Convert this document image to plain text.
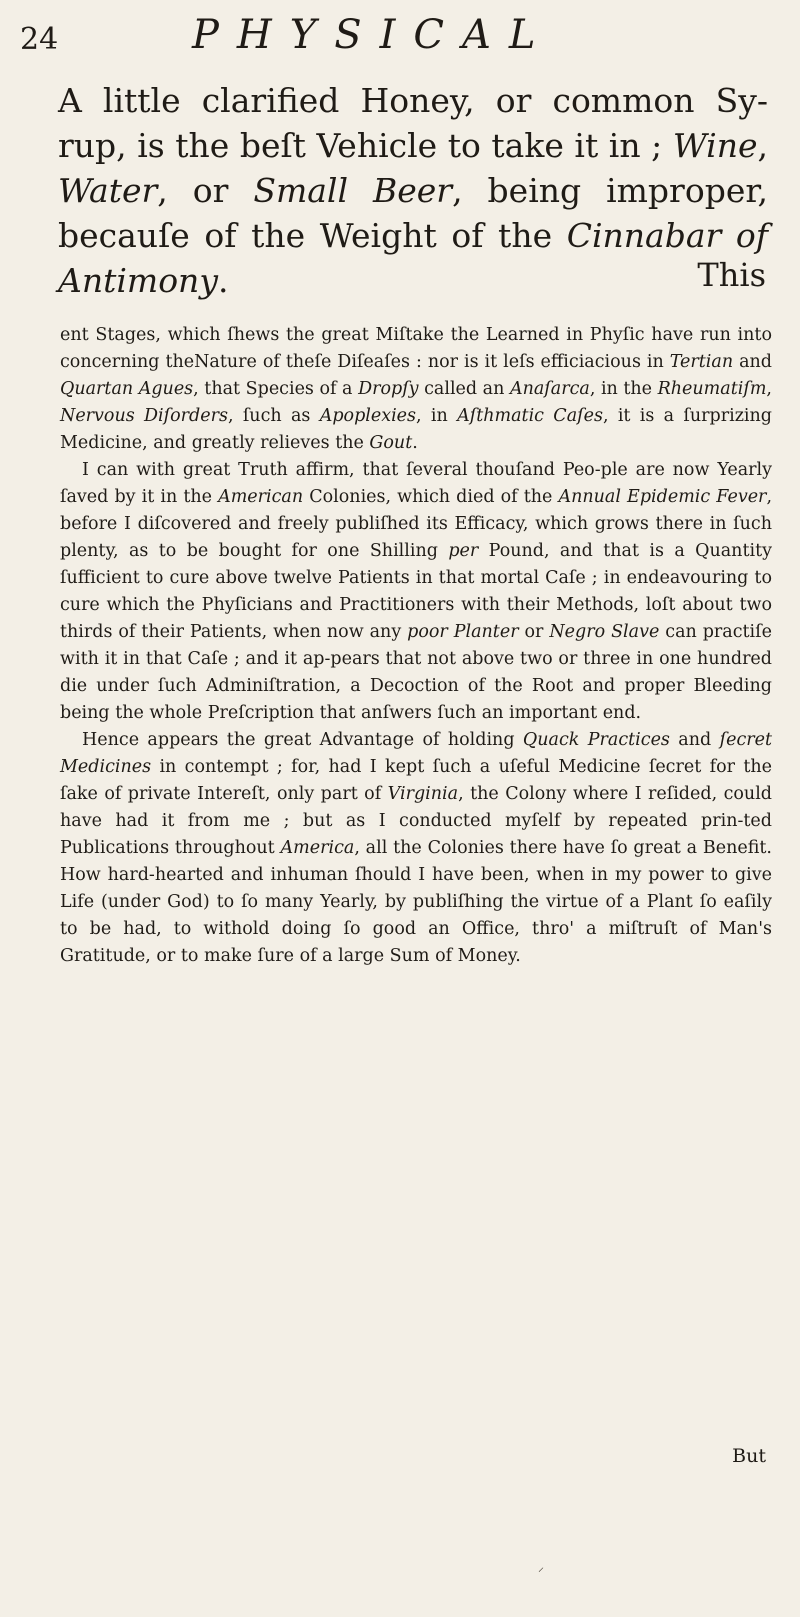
24	PHYSICAL

A little clarified Honey, or common Sy-rup, is the beſt Vehicle to take it in ; Wine, Water, or Small Beer, being improper, becauſe of the Weight of the Cinnabar of Antimony.	This

ent Stages, which ſhews the great Miſtake the Learned in Phyſic have run into concerning theNature of theſe Diſeaſes : nor is it leſs efficiacious in Tertian and Quartan Agues, that Species of a Dropſy called an Anaſarca, in the Rheumatiſm, Nervous Diſorders, ſuch as Apoplexies, in Aſthmatic Caſes, it is a ſurprizing Medicine, and greatly relieves the Gout.

I can with great Truth affirm, that ſeveral thouſand Peo-ple are now Yearly ſaved by it in the American Colonies, which died of the Annual Epidemic Fever, before I diſcovered and freely publiſhed its Efficacy, which grows there in ſuch plenty, as to be bought for one Shilling per Pound, and that is a Quantity ſufficient to cure above twelve Patients in that mortal Caſe ; in endeavouring to cure which the Phyſicians and Practitioners with their Methods, loſt about two thirds of their Patients, when now any poor Planter or Negro Slave can practiſe with it in that Caſe ; and it ap-pears that not above two or three in one hundred die under ſuch Adminiſtration, a Decoction of the Root and proper Bleeding being the whole Preſcription that anſwers ſuch an important end.

Hence appears the great Advantage of holding Quack Practices and ſecret Medicines in contempt ; for, had I kept ſuch a uſeful Medicine ſecret for the ſake of private Intereſt, only part of Virginia, the Colony where I reſided, could have had it from me ; but as I conducted myſelf by repeated prin-ted Publications throughout America, all the Colonies there have ſo great a Benefit. How hard-hearted and inhuman ſhould I have been, when in my power to give Life (under God) to ſo many Yearly, by publiſhing the virtue of a Plant ſo eaſily to be had, to withold doing ſo good an Office, thro' a miſtruſt of Man's Gratitude, or to make ſure of a large Sum of Money.

But
⸝
